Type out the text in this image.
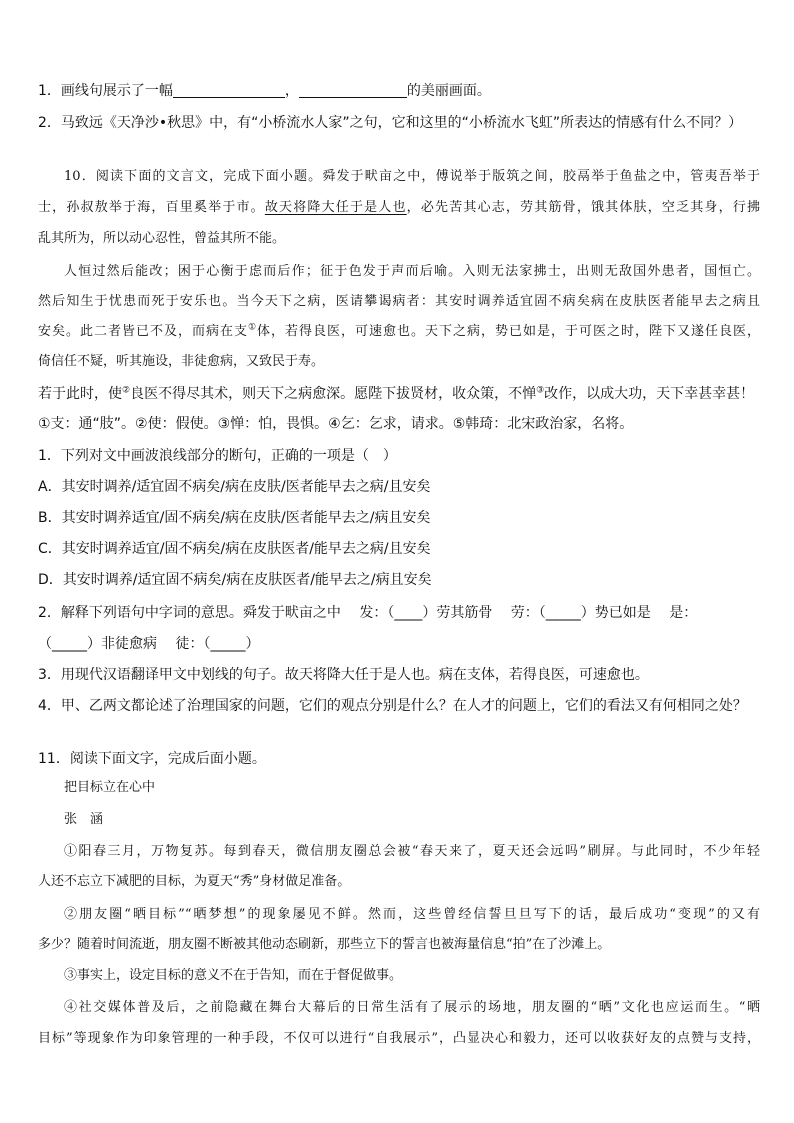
1．画线句展示了一幅	，	的美丽画面。
2．马致远《天净沙•秋思》中，有“小桥流水人家”之句，它和这里的“小桥流水飞虹”所表达的情感有什么不同？）
10．阅读下面的文言文，完成下面小题。舜发于畎亩之中，傅说举于版筑之间，胶鬲举于鱼盐之中，管夷吾举于
士，孙叔敖举于海，百里奚举于市。故天将降大任于是人也，必先苦其心志，劳其筋骨，饿其体肤，空乏其身，行拂
乱其所为，所以动心忍性，曾益其所不能。
人恒过然后能改；困于心衡于虑而后作；征于色发于声而后喻。入则无法家拂士，出则无敌国外患者，国恒亡。
然后知生于忧患而死于安乐也。当今天下之病，医请攀谒病者：其安时调养适宜固不病矣病在皮肤医者能早去之病且
安矣。此二者皆已不及，而病在支①体，若得良医，可速愈也。天下之病，势已如是，于可医之时，陛下又遂任良医，
倚信任不疑，听其施设，非徒愈病，又致民于寿。
若于此时，使②良医不得尽其术，则天下之病愈深。愿陛下拔贤材，收众策，不惮③改作，以成大功，天下幸甚幸甚！
①支：通“肢”。②使：假使。③惮：怕，畏惧。④乞：乞求，请求。⑤韩琦：北宋政治家，名将。
1．下列对文中画波浪线部分的断句，正确的一项是（　）
A．其安时调养/适宜固不病矣/病在皮肤/医者能早去之病/且安矣
B．其安时调养适宜/固不病矣/病在皮肤/医者能早去之/病且安矣
C．其安时调养适宜/固不病矣/病在皮肤医者/能早去之病/且安矣
D．其安时调养/适宜固不病矣/病在皮肤医者/能早去之/病且安矣
2．解释下列语句中字词的意思。舜发于畎亩之中　 发：（____）劳其筋骨　 劳：（_____）势已如是　 是：
（_____）非徒愈病　 徒：（_____）
3．用现代汉语翻译甲文中划线的句子。故天将降大任于是人也。病在支体，若得良医，可速愈也。
4．甲、乙两文都论述了治理国家的问题，它们的观点分别是什么？在人才的问题上，它们的看法又有何相同之处？
11．阅读下面文字，完成后面小题。
把目标立在心中
张　涵
①阳春三月，万物复苏。每到春天，微信朋友圈总会被“春天来了，夏天还会远吗”刷屏。与此同时，不少年轻
人还不忘立下减肥的目标，为夏天“秀”身材做足准备。
②朋友圈“晒目标”“晒梦想”的现象屡见不鲜。然而，这些曾经信誓旦旦写下的话，最后成功“变现”的又有
多少？随着时间流逝，朋友圈不断被其他动态刷新，那些立下的誓言也被海量信息“拍”在了沙滩上。
③事实上，设定目标的意义不在于告知，而在于督促做事。
④社交媒体普及后，之前隐藏在舞台大幕后的日常生活有了展示的场地，朋友圈的“晒”文化也应运而生。“晒
目标”等现象作为印象管理的一种手段，不仅可以进行“自我展示”，凸显决心和毅力，还可以收获好友的点赞与支持，
